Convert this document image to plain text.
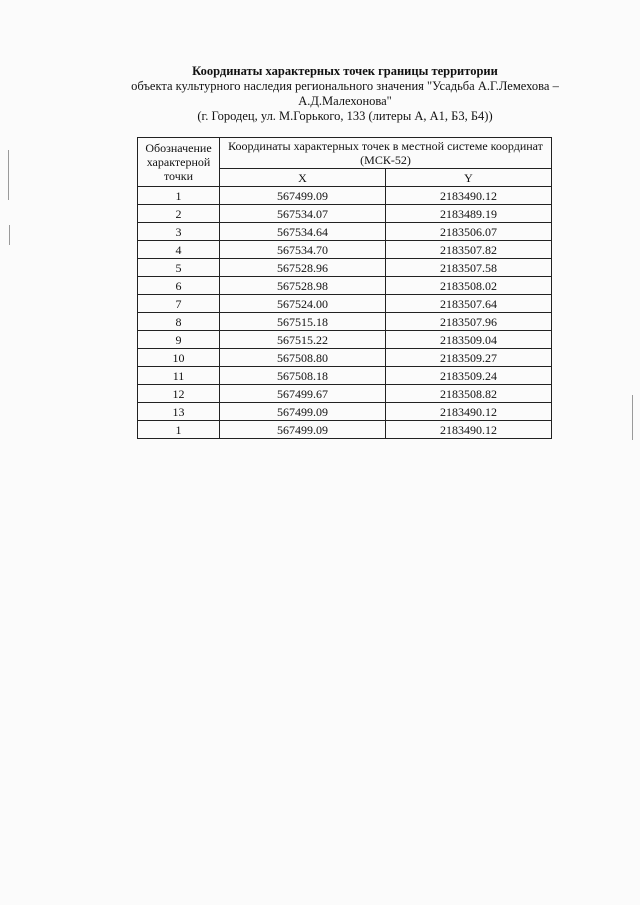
Координаты характерных точек границы территории
объекта культурного наследия регионального значения "Усадьба А.Г.Лемехова –
А.Д.Малехонова"
(г. Городец, ул. М.Горького, 133 (литеры А, А1, Б3, Б4))
Обозначение характерной точки	Координаты характерных точек в местной системе координат (МСК-52)	
	X	Y
1	567499.09	2183490.12
2	567534.07	2183489.19
3	567534.64	2183506.07
4	567534.70	2183507.82
5	567528.96	2183507.58
6	567528.98	2183508.02
7	567524.00	2183507.64
8	567515.18	2183507.96
9	567515.22	2183509.04
10	567508.80	2183509.27
11	567508.18	2183509.24
12	567499.67	2183508.82
13	567499.09	2183490.12
1	567499.09	2183490.12
